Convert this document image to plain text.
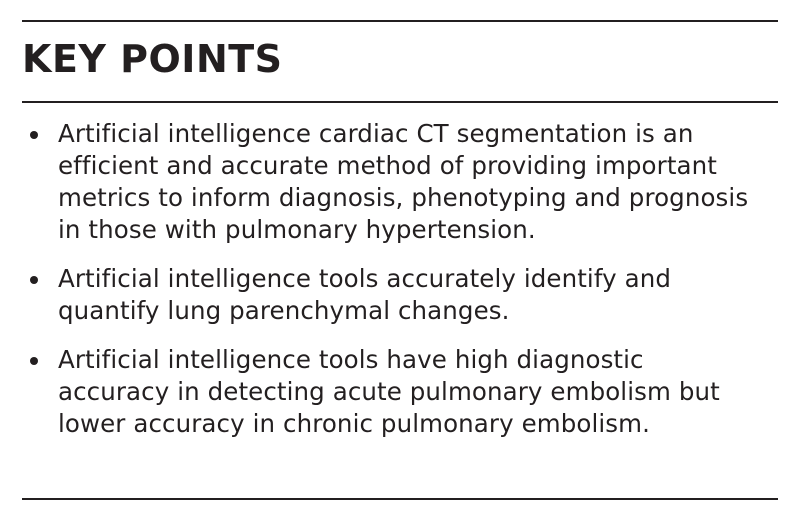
KEY POINTS
Artificial intelligence cardiac CT segmentation is an
efficient and accurate method of providing important
metrics to inform diagnosis, phenotyping and prognosis
in those with pulmonary hypertension.
Artificial intelligence tools accurately identify and
quantify lung parenchymal changes.
Artificial intelligence tools have high diagnostic
accuracy in detecting acute pulmonary embolism but
lower accuracy in chronic pulmonary embolism.
